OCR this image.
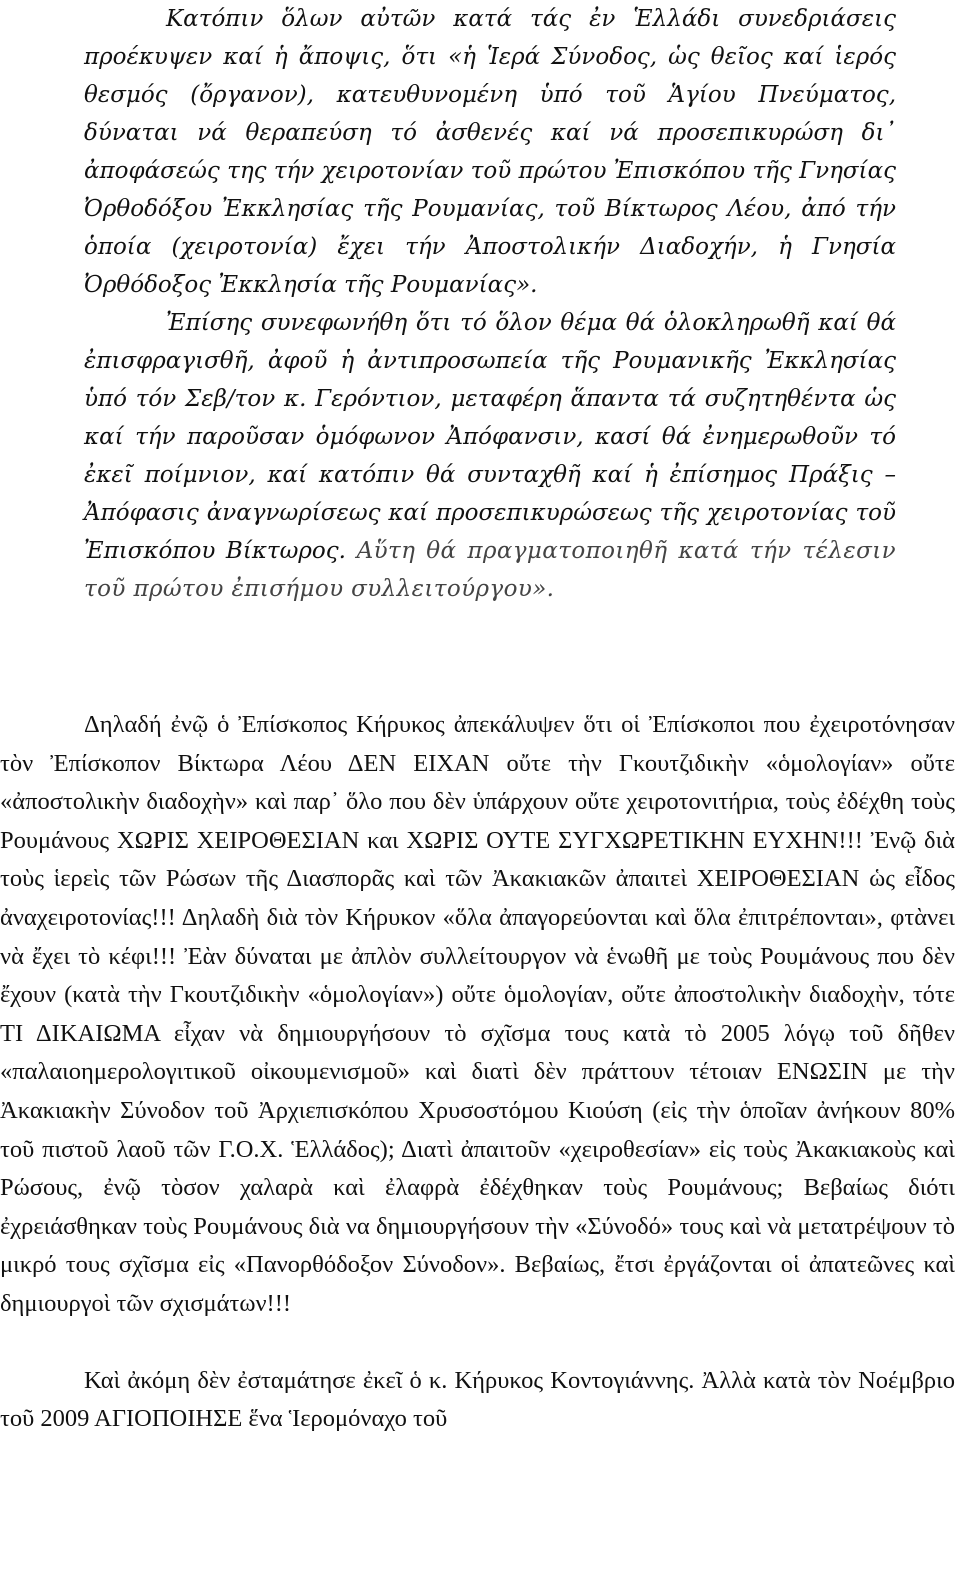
Κατόπιν ὅλων αὐτῶν κατά τάς ἐν Ἑλλάδι συνεδριάσεις προέκυψεν καί ἡ ἄποψις, ὅτι «ἡ Ἱερά Σύνοδος, ὡς θεῖος καί ἱερός θεσμός (ὄργανον), κατευθυνομένη ὑπό τοῦ Ἁγίου Πνεύματος, δύναται νά θεραπεύση τό ἀσθενές καί νά προσεπικυρώση δι᾽ ἀποφάσεώς της τήν χειροτονίαν τοῦ πρώτου Ἐπισκόπου τῆς Γνησίας Ὀρθοδόξου Ἐκκλησίας τῆς Ρουμανίας, τοῦ Βίκτωρος Λέου, ἀπό τήν ὁποία (χειροτονία) ἔχει τήν Ἀποστολικήν Διαδοχήν, ἡ Γνησία Ὀρθόδοξος Ἐκκλησία τῆς Ρουμανίας».

Ἐπίσης συνεφωνήθη ὅτι τό ὅλον θέμα θά ὁλοκληρωθῆ καί θά ἐπισφραγισθῆ, ἀφοῦ ἡ ἀντιπροσωπεία τῆς Ρουμανικῆς Ἐκκλησίας ὑπό τόν Σεβ/τον κ. Γερόντιον, μεταφέρη ἅπαντα τά συζητηθέντα ὡς καί τήν παροῦσαν ὁμόφωνον Ἀπόφανσιν, κασί θά ἐνημερωθοῦν τό ἐκεῖ ποίμνιον, καί κατόπιν θά συνταχθῆ καί ἡ ἐπίσημος Πράξις – Ἀπόφασις ἀναγνωρίσεως καί προσεπικυρώσεως τῆς χειροτονίας τοῦ Ἐπισκόπου Βίκτωρος. Αὕτη θά πραγματοποιηθῆ κατά τήν τέλεσιν τοῦ πρώτου ἐπισήμου συλλειτούργου».

Δηλαδή ἐνῷ ὁ Ἐπίσκοπος Κήρυκος ἀπεκάλυψεν ὅτι οἱ Ἐπίσκοποι που ἐχειροτόνησαν τὸν Ἐπίσκοπον Βίκτωρα Λέου ΔΕΝ ΕΙΧΑΝ οὔτε τὴν Γκουτζιδικὴν «ὁμολογίαν» οὔτε «ἀποστολικὴν διαδοχὴν» καὶ παρ᾽ ὅλο που δὲν ὑπάρχουν οὔτε χειροτονιτήρια, τοὺς ἐδέχθη τοὺς Ρουμάνους ΧΩΡΙΣ ΧΕΙΡΟΘΕΣΙΑΝ και ΧΩΡΙΣ ΟΥΤΕ ΣΥΓΧΩΡΕΤΙΚΗΝ ΕΥΧΗΝ!!! Ἐνῷ διὰ τοὺς ἱερεὶς τῶν Ρώσων τῆς Διασπορᾶς καὶ τῶν Ἀκακιακῶν ἀπαιτεὶ ΧΕΙΡΟΘΕΣΙΑΝ ὡς εἶδος ἀναχειροτονίας!!! Δηλαδὴ διὰ τὸν Κήρυκον «ὅλα ἀπαγορεύονται καὶ ὅλα ἐπιτρέπονται», φτὰνει νὰ ἔχει τὸ κέφι!!! Ἐὰν δύναται με ἀπλὸν συλλείτουργον νὰ ἑνωθῆ με τοὺς Ρουμάνους που δὲν ἔχουν (κατὰ τὴν Γκουτζιδικὴν «ὁμολογίαν») οὔτε ὁμολογίαν, οὔτε ἀποστολικὴν διαδοχὴν, τότε ΤΙ ΔΙΚΑΙΩΜΑ εἶχαν νὰ δημιουργήσουν τὸ σχῖσμα τους κατὰ τὸ 2005 λόγῳ τοῦ δῆθεν «παλαιοημερολογιτικοῦ οἰκουμενισμοῦ» καὶ διατὶ δὲν πράττουν τέτοιαν ΕΝΩΣΙΝ με τὴν Ἀκακιακὴν Σύνοδον τοῦ Ἀρχιεπισκόπου Χρυσοστόμου Κιούση (εἰς τὴν ὁποῖαν ἀνήκουν 80% τοῦ πιστοῦ λαοῦ τῶν Γ.Ο.Χ. Ἑλλάδος); Διατὶ ἀπαιτοῦν «χειροθεσίαν» εἰς τοὺς Ἀκακιακοὺς καὶ Ρώσους, ἐνῷ τὸσον χαλαρὰ καὶ ἐλαφρὰ ἐδέχθηκαν τοὺς Ρουμάνους; Βεβαίως διότι ἐχρειάσθηκαν τοὺς Ρουμάνους διὰ να δημιουργήσουν τὴν «Σύνοδό» τους καὶ νὰ μετατρέψουν τὸ μικρό τους σχῖσμα εἰς «Πανορθόδοξον Σύνοδον». Βεβαίως, ἔτσι ἐργάζονται οἱ ἀπατεῶνες καὶ δημιουργοὶ τῶν σχισμάτων!!!

Καὶ ἀκόμη δὲν ἐσταμάτησε ἐκεῖ ὁ κ. Κήρυκος Κοντογιάννης. Ἀλλὰ κατὰ τὸν Νοέμβριο τοῦ 2009 ΑΓΙΟΠΟΙΗΣΕ ἕνα Ἱερομόναχο τοῦ
